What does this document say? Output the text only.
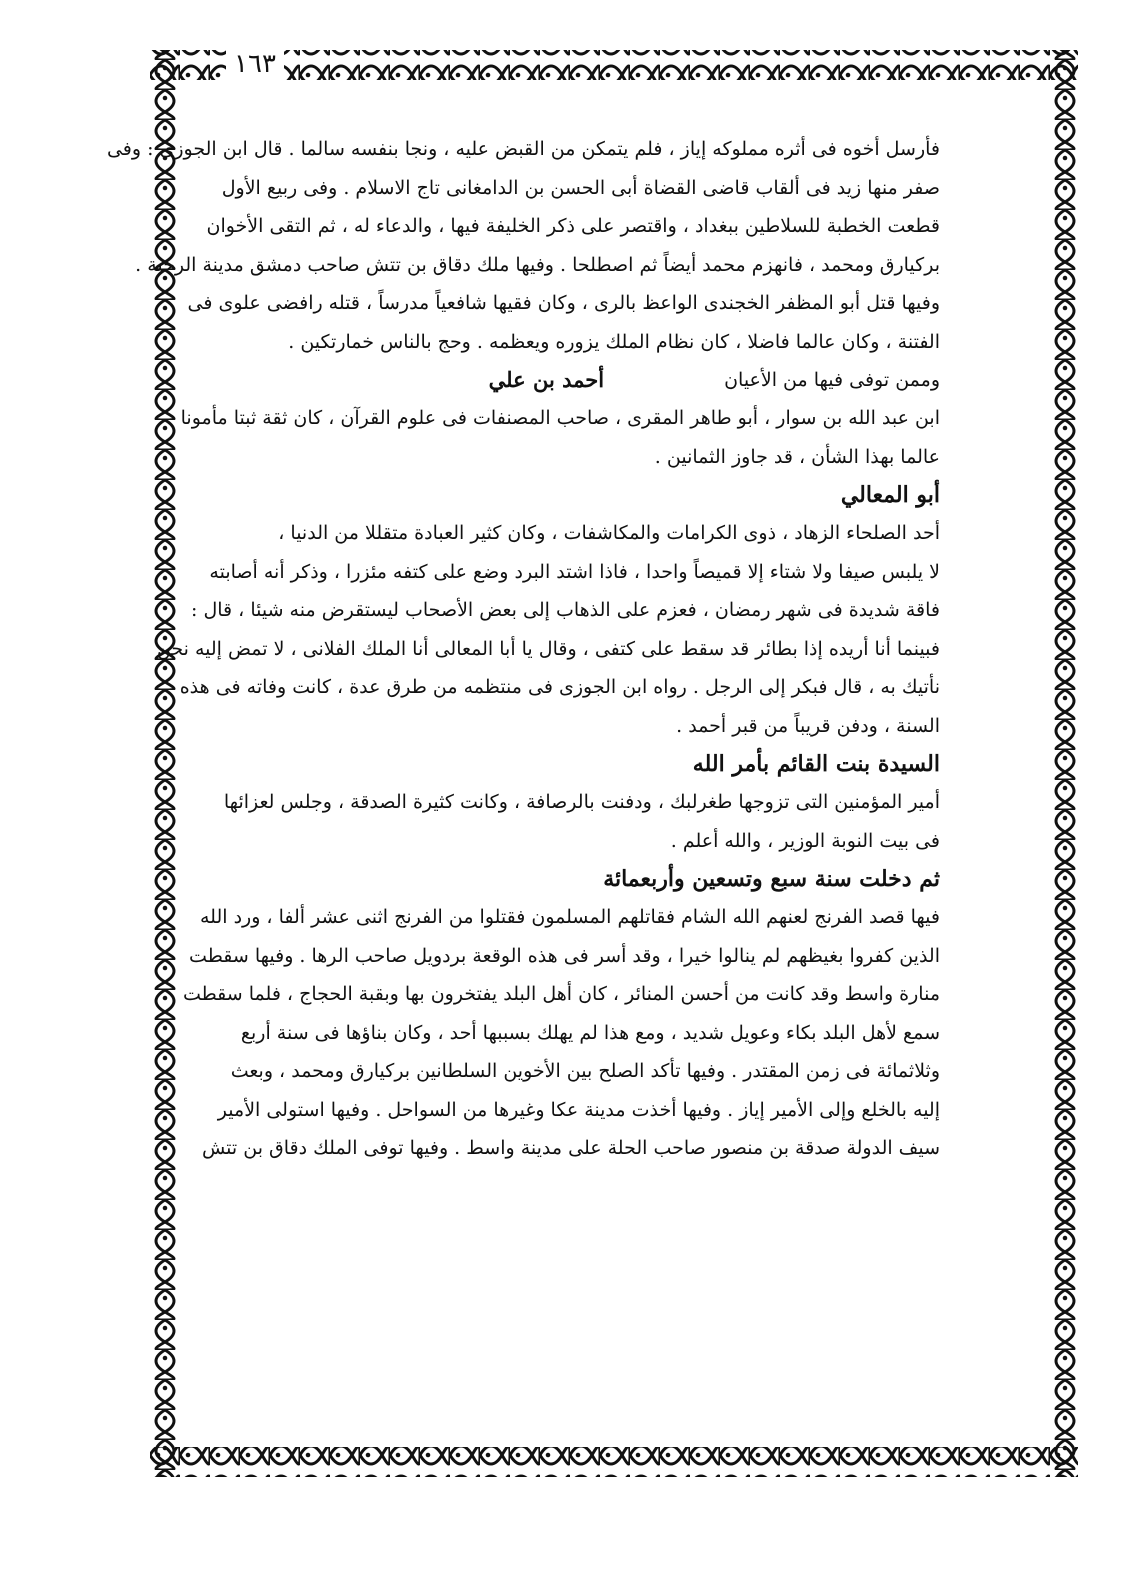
١٦٣

فأرسل أخوه فى أثره مملوكه إياز ، فلم يتمكن من القبض عليه ، ونجا بنفسه سالما . قال ابن الجوزى : وفى

صفر منها زيد فى ألقاب قاضى القضاة أبى الحسن بن الدامغانى تاج الاسلام . وفى ربيع الأول

قطعت الخطبة للسلاطين ببغداد ، واقتصر على ذكر الخليفة فيها ، والدعاء له ، ثم التقى الأخوان

بركيارق ومحمد ، فانهزم محمد أيضاً ثم اصطلحا . وفيها ملك دقاق بن تتش صاحب دمشق مدينة الرحبة .

وفيها قتل أبو المظفر الخجندى الواعظ بالرى ، وكان فقيها شافعياً مدرساً ، قتله رافضى علوى فى

الفتنة ، وكان عالما فاضلا ، كان نظام الملك يزوره ويعظمه . وحج بالناس خمارتكين .

وممن توفى فيها من الأعيان
أحمد بن علي

ابن عبد الله بن سوار ، أبو طاهر المقرى ، صاحب المصنفات فى علوم القرآن ، كان ثقة ثبتا مأمونا

عالما بهذا الشأن ، قد جاوز الثمانين .

أبو المعالي

أحد الصلحاء الزهاد ، ذوى الكرامات والمكاشفات ، وكان كثير العبادة متقللا من الدنيا ،

لا يلبس صيفا ولا شتاء إلا قميصاً واحدا ، فاذا اشتد البرد وضع على كتفه مئزرا ، وذكر أنه أصابته

فاقة شديدة فى شهر رمضان ، فعزم على الذهاب إلى بعض الأصحاب ليستقرض منه شيئا ، قال :

فبينما أنا أريده إذا بطائر قد سقط على كتفى ، وقال يا أبا المعالى أنا الملك الفلانى ، لا تمض إليه نحن

نأتيك به ، قال فبكر إلى الرجل . رواه ابن الجوزى فى منتظمه من طرق عدة ، كانت وفاته فى هذه

السنة ، ودفن قريباً من قبر أحمد .

السيدة بنت القائم بأمر الله

أمير المؤمنين التى تزوجها طغرلبك ، ودفنت بالرصافة ، وكانت كثيرة الصدقة ، وجلس لعزائها

فى بيت النوبة الوزير ، والله أعلم .

ثم دخلت سنة سبع وتسعين وأربعمائة

فيها قصد الفرنج لعنهم الله الشام فقاتلهم المسلمون فقتلوا من الفرنج اثنى عشر ألفا ، ورد الله

الذين كفروا بغيظهم لم ينالوا خيرا ، وقد أسر فى هذه الوقعة بردويل صاحب الرها . وفيها سقطت

منارة واسط وقد كانت من أحسن المنائر ، كان أهل البلد يفتخرون بها وبقبة الحجاج ، فلما سقطت

سمع لأهل البلد بكاء وعويل شديد ، ومع هذا لم يهلك بسببها أحد ، وكان بناؤها فى سنة أربع

وثلاثمائة فى زمن المقتدر . وفيها تأكد الصلح بين الأخوين السلطانين بركيارق ومحمد ، وبعث

إليه بالخلع وإلى الأمير إياز . وفيها أخذت مدينة عكا وغيرها من السواحل . وفيها استولى الأمير

سيف الدولة صدقة بن منصور صاحب الحلة على مدينة واسط . وفيها توفى الملك دقاق بن تتش
